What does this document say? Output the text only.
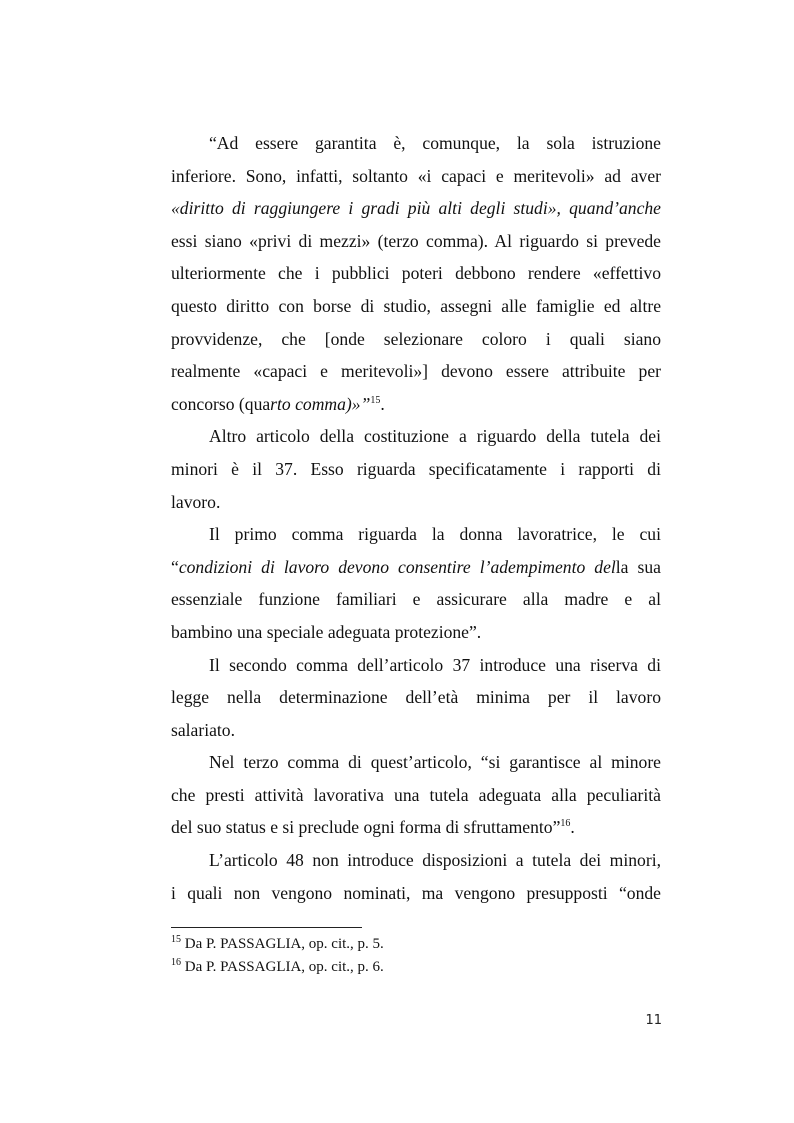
“Ad essere garantita è, comunque, la sola istruzione
inferiore. Sono, infatti, soltanto «i capaci e meritevoli» ad aver
«diritto di raggiungere i gradi più alti degli studi», quand’anche
essi siano «privi di mezzi» (terzo comma). Al riguardo si prevede
ulteriormente che i pubblici poteri debbono rendere «effettivo
questo diritto con borse di studio, assegni alle famiglie ed altre
provvidenze, che [onde selezionare coloro i quali siano
realmente «capaci e meritevoli»] devono essere attribuite per
concorso (quarto comma)»”$^{15}$.
Altro articolo della costituzione a riguardo della tutela dei
minori è il 37. Esso riguarda specificatamente i rapporti di
lavoro.
Il primo comma riguarda la donna lavoratrice, le cui
“condizioni di lavoro devono consentire l’adempimento della sua
essenziale funzione familiari e assicurare alla madre e al
bambino una speciale adeguata protezione”.
Il secondo comma dell’articolo 37 introduce una riserva di
legge nella determinazione dell’età minima per il lavoro
salariato.
Nel terzo comma di quest’articolo, “si garantisce al minore
che presti attività lavorativa una tutela adeguata alla peculiarità
del suo status e si preclude ogni forma di sfruttamento”$^{16}$.
L’articolo 48 non introduce disposizioni a tutela dei minori,
i quali non vengono nominati, ma vengono presupposti “onde
$^{15}$ Da P. PASSAGLIA, op. cit., p. 5.
$^{16}$ Da P. PASSAGLIA, op. cit., p. 6.
11
